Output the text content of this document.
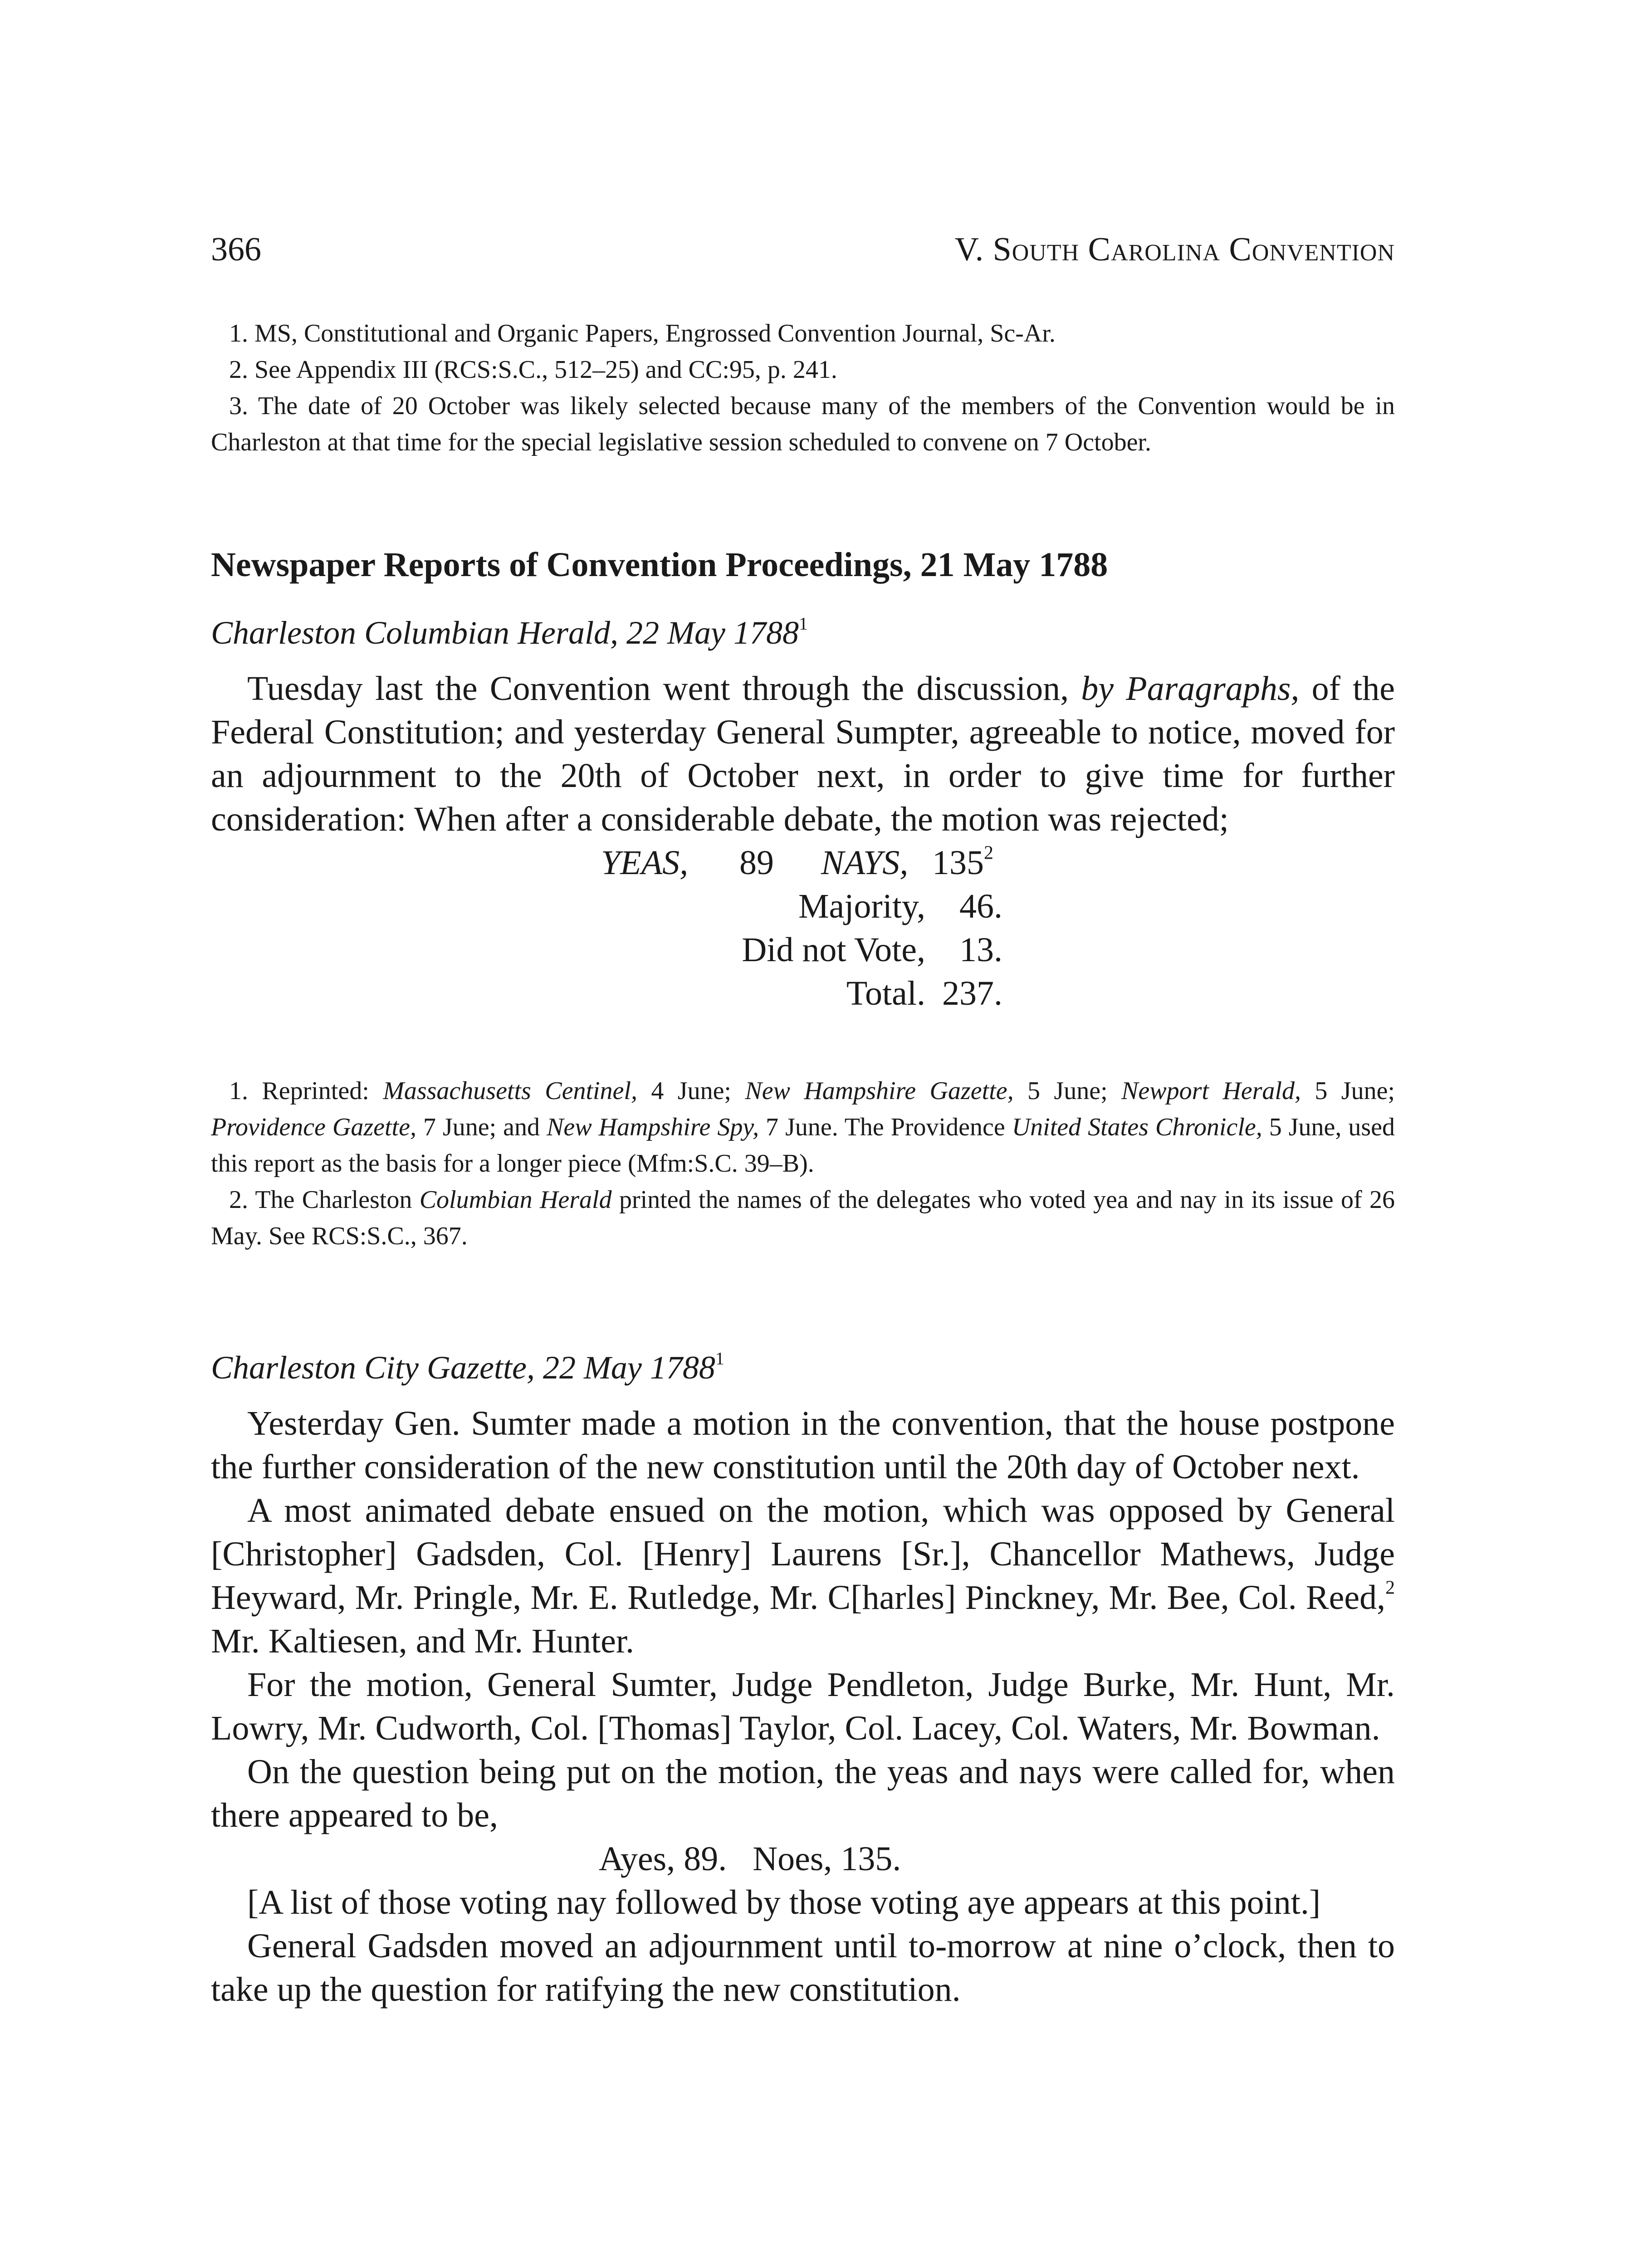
366	V. South Carolina Convention

1. MS, Constitutional and Organic Papers, Engrossed Convention Journal, Sc-Ar.

2. See Appendix III (RCS:S.C., 512–25) and CC:95, p. 241.

3. The date of 20 October was likely selected because many of the members of the Convention would be in Charleston at that time for the special legislative session scheduled to convene on 7 October.

Newspaper Reports of Convention Proceedings, 21 May 1788

Charleston Columbian Herald, 22 May 1788$^1$

Tuesday last the Convention went through the discussion, by Paragraphs, of the Federal Constitution; and yesterday General Sumpter, agreeable to notice, moved for an adjournment to the 20th of October next, in order to give time for further consideration: When after a considerable debate, the motion was rejected;

YEAS, 89 NAYS, $135^2$
Majority, 46.
Did not Vote, 13.
Total. 237.

1. Reprinted: Massachusetts Centinel, 4 June; New Hampshire Gazette, 5 June; Newport Herald, 5 June; Providence Gazette, 7 June; and New Hampshire Spy, 7 June. The Providence United States Chronicle, 5 June, used this report as the basis for a longer piece (Mfm:S.C. 39–B).

2. The Charleston Columbian Herald printed the names of the delegates who voted yea and nay in its issue of 26 May. See RCS:S.C., 367.

Charleston City Gazette, 22 May 1788$^1$

Yesterday Gen. Sumter made a motion in the convention, that the house postpone the further consideration of the new constitution until the 20th day of October next.

A most animated debate ensued on the motion, which was opposed by General [Christopher] Gadsden, Col. [Henry] Laurens [Sr.], Chancellor Mathews, Judge Heyward, Mr. Pringle, Mr. E. Rutledge, Mr. C[harles] Pinckney, Mr. Bee, Col. Reed,$^2$ Mr. Kaltiesen, and Mr. Hunter.

For the motion, General Sumter, Judge Pendleton, Judge Burke, Mr. Hunt, Mr. Lowry, Mr. Cudworth, Col. [Thomas] Taylor, Col. Lacey, Col. Waters, Mr. Bowman.

On the question being put on the motion, the yeas and nays were called for, when there appeared to be,

Ayes, 89.   Noes, 135.

[A list of those voting nay followed by those voting aye appears at this point.]

General Gadsden moved an adjournment until to-morrow at nine o’clock, then to take up the question for ratifying the new constitution.
